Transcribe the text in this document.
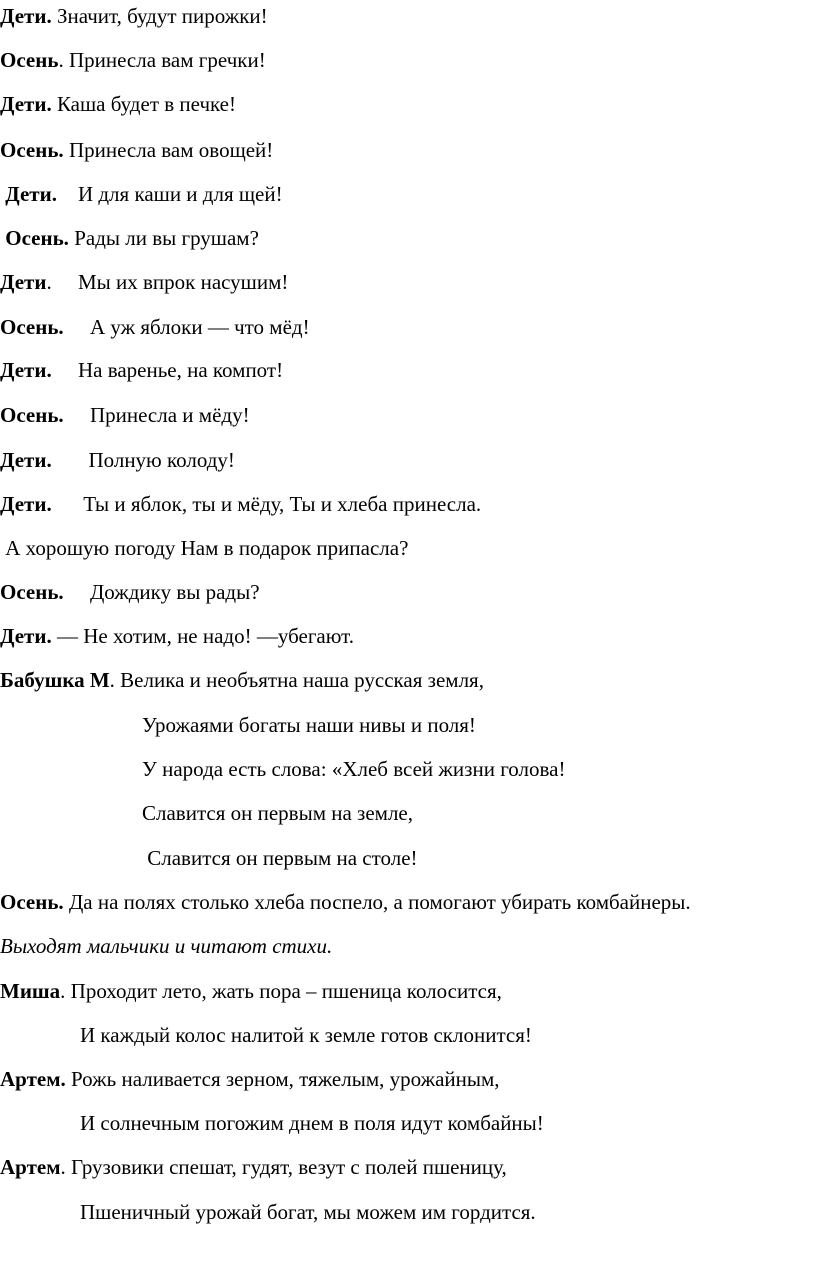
Дети. Значит, будут пирожки!
Осень. Принесла вам гречки!
Дети. Каша будет в печке!
Осень. Принесла вам овощей!
Дети.    И для каши и для щей!
Осень. Рады ли вы грушам?
Дети.     Мы их впрок насушим!
Осень.     А уж яблоки — что мёд!
Дети.     На варенье, на компот!
Осень.     Принесла и мёду!
Дети.       Полную колоду!
Дети.      Ты и яблок, ты и мёду, Ты и хлеба принесла.
А хорошую погоду Нам в подарок припасла?
Осень.     Дождику вы рады?
Дети. — Не хотим, не надо! —убегают.
Бабушка М. Велика и необъятна наша русская земля,
Урожаями богаты наши нивы и поля!
У народа есть слова: «Хлеб всей жизни голова!
Славится он первым на земле,
Славится он первым на столе!
Осень. Да на полях столько хлеба поспело, а помогают убирать комбайнеры.
Выходят мальчики и читают стихи.
Миша. Проходит лето, жать пора – пшеница колосится,
И каждый колос налитой к земле готов склонится!
Артем. Рожь наливается зерном, тяжелым, урожайным,
И солнечным погожим днем в поля идут комбайны!
Артем. Грузовики спешат, гудят, везут с полей пшеницу,
Пшеничный урожай богат, мы можем им гордится.
